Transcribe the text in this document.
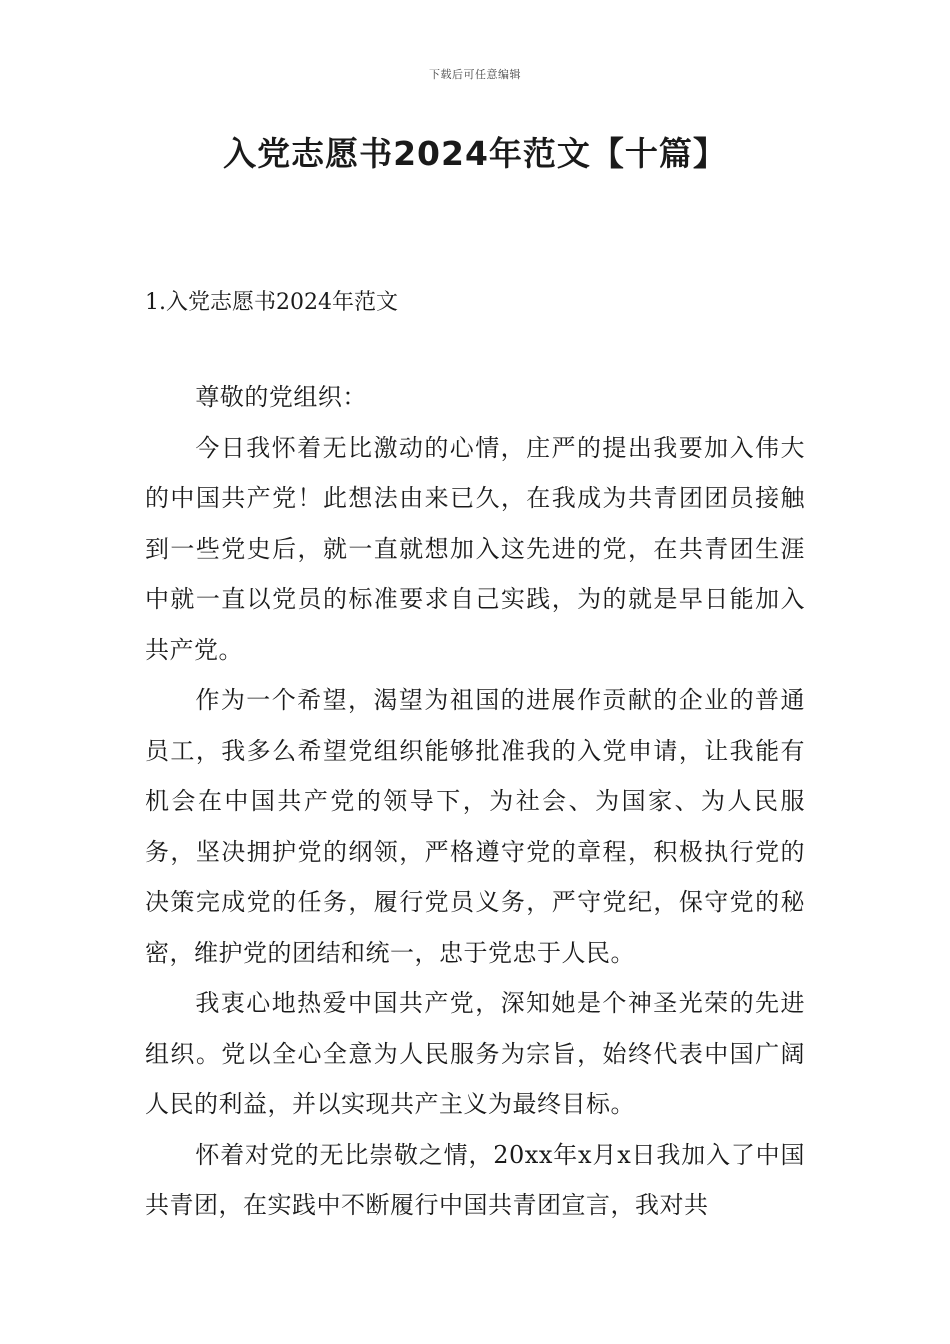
下载后可任意编辑
入党志愿书2024年范文【十篇】
1.入党志愿书2024年范文

尊敬的党组织：

今日我怀着无比激动的心情，庄严的提出我要加入伟大的中国共产党！此想法由来已久，在我成为共青团团员接触到一些党史后，就一直就想加入这先进的党，在共青团生涯中就一直以党员的标准要求自己实践，为的就是早日能加入共产党。

作为一个希望，渴望为祖国的进展作贡献的企业的普通员工，我多么希望党组织能够批准我的入党申请，让我能有机会在中国共产党的领导下，为社会、为国家、为人民服务，坚决拥护党的纲领，严格遵守党的章程，积极执行党的决策完成党的任务，履行党员义务，严守党纪，保守党的秘密，维护党的团结和统一，忠于党忠于人民。

我衷心地热爱中国共产党，深知她是个神圣光荣的先进组织。党以全心全意为人民服务为宗旨，始终代表中国广阔人民的利益，并以实现共产主义为最终目标。

怀着对党的无比崇敬之情，20xx年x月x日我加入了中国共青团，在实践中不断履行中国共青团宣言，我对共
